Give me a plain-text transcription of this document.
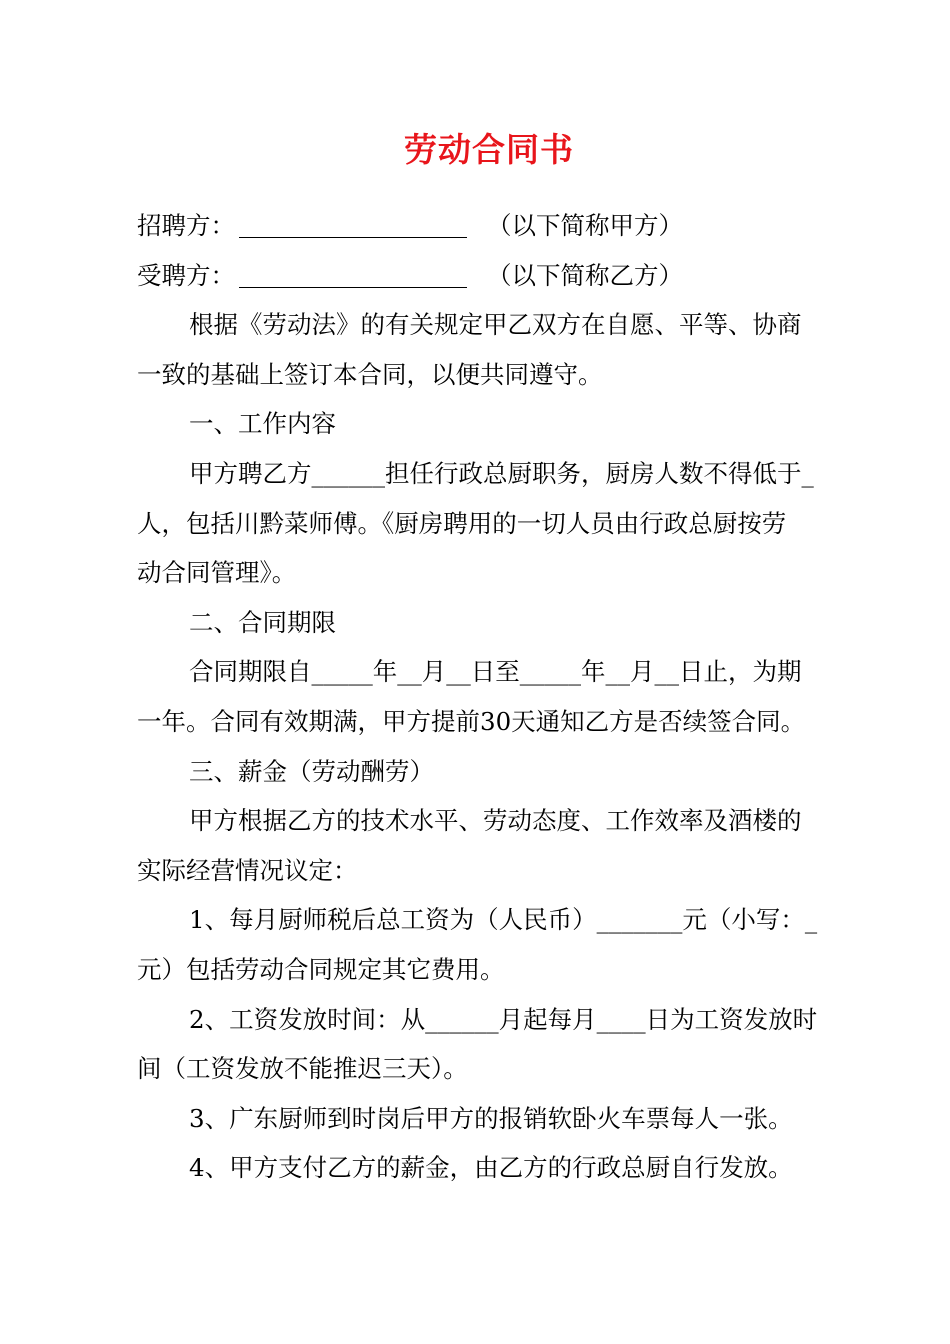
劳动合同书
招聘方：	（以下简称甲方）
受聘方：	（以下简称乙方）
根据《劳动法》的有关规定甲乙双方在自愿、平等、协商
一致的基础上签订本合同，以便共同遵守。
一、工作内容
甲方聘乙方______担任行政总厨职务，厨房人数不得低于_
人，包括川黔菜师傅。《厨房聘用的一切人员由行政总厨按劳
动合同管理》。
二、合同期限
合同期限自_____年__月__日至_____年__月__日止，为期
一年。合同有效期满，甲方提前30天通知乙方是否续签合同。
三、薪金（劳动酬劳）
甲方根据乙方的技术水平、劳动态度、工作效率及酒楼的
实际经营情况议定：
1、每月厨师税后总工资为（人民币）_______元（小写：_
元）包括劳动合同规定其它费用。
2、工资发放时间：从______月起每月____日为工资发放时
间（工资发放不能推迟三天）。
3、广东厨师到时岗后甲方的报销软卧火车票每人一张。
4、甲方支付乙方的薪金，由乙方的行政总厨自行发放。
